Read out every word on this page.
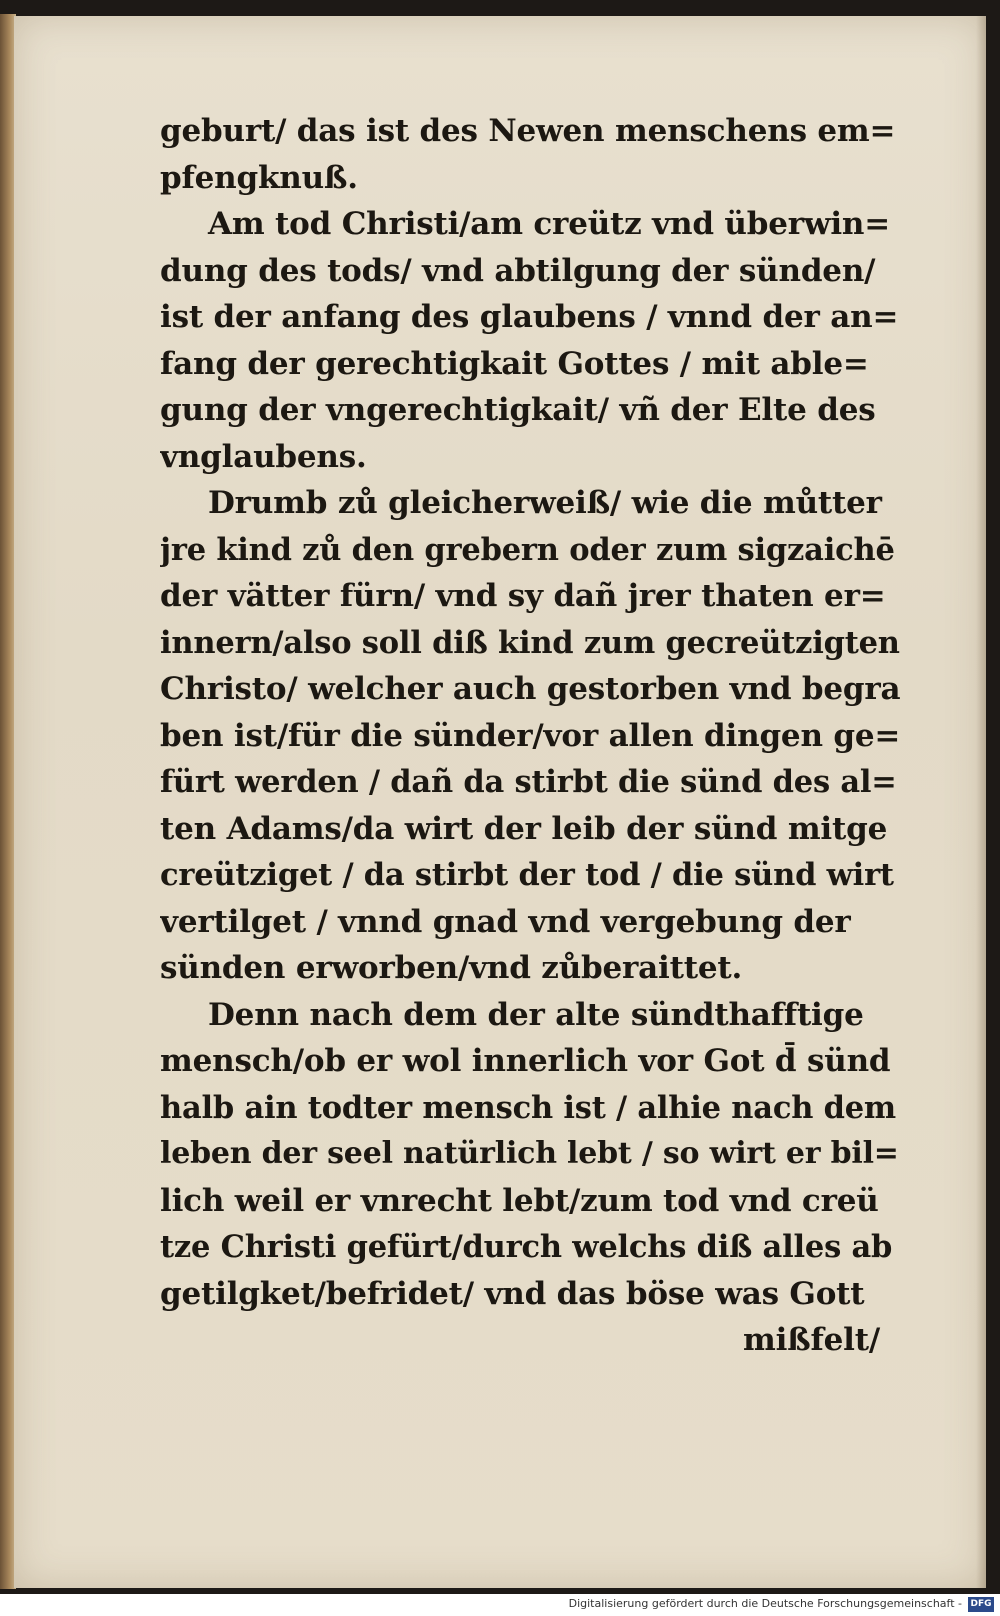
geburt/ das ist des Newen menschens em=
pfengknuß.
Am tod Christi/am creütz vnd überwin=
dung des tods/ vnd abtilgung der sünden/
ist der anfang des glaubens / vnnd der an=
fang der gerechtigkait Gottes / mit able=
gung der vngerechtigkait/ vñ der Elte des
vnglaubens.
Drumb zů gleicherweiß/ wie die můtter
jre kind zů den grebern oder zum sigzaichē
der vätter fürn/ vnd sy dañ jrer thaten er=
innern/also soll diß kind zum gecreützigten
Christo/ welcher auch gestorben vnd begra
ben ist/für die sünder/vor allen dingen ge=
fürt werden / dañ da stirbt die sünd des al=
ten Adams/da wirt der leib der sünd mitge
creütziget / da stirbt der tod / die sünd wirt
vertilget / vnnd gnad vnd vergebung der
sünden erworben/vnd zůberaittet.
Denn nach dem der alte sündthafftige
mensch/ob er wol innerlich vor Got d̄ sünd
halb ain todter mensch ist / alhie nach dem
leben der seel natürlich lebt / so wirt er bil=
lich weil er vnrecht lebt/zum tod vnd creü
tze Christi gefürt/durch welchs diß alles ab
getilgket/befridet/ vnd das böse was Gott
mißfelt/
Digitalisierung gefördert durch die Deutsche Forschungsgemeinschaft - DFG
